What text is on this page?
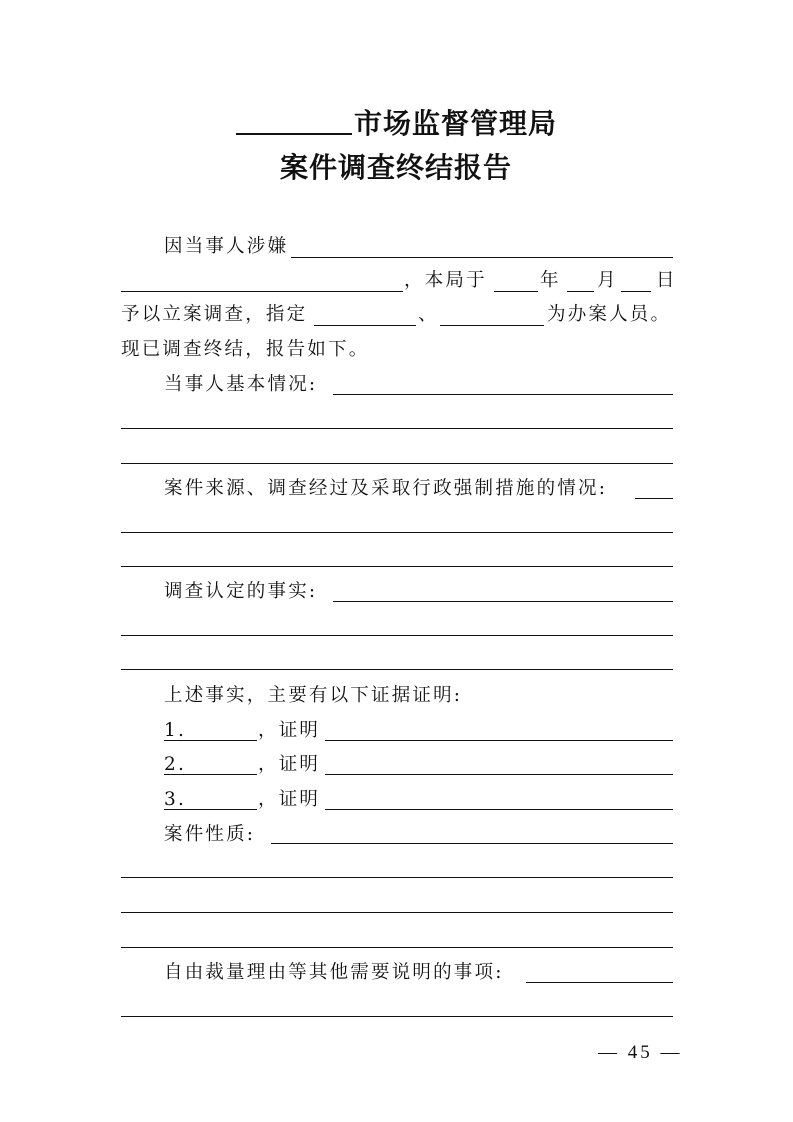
市场监督管理局
案件调查终结报告
因当事人涉嫌
，本局于	年 月 日
予以立案调查，指定	、	为办案人员。
现已调查终结，报告如下。
当事人基本情况:
案件来源、调查经过及采取行政强制措施的情况:
调查认定的事实:
上述事实，主要有以下证据证明:
1.	，证明
2.	，证明
3.	，证明
案件性质:
自由裁量理由等其他需要说明的事项:
— 45 —
